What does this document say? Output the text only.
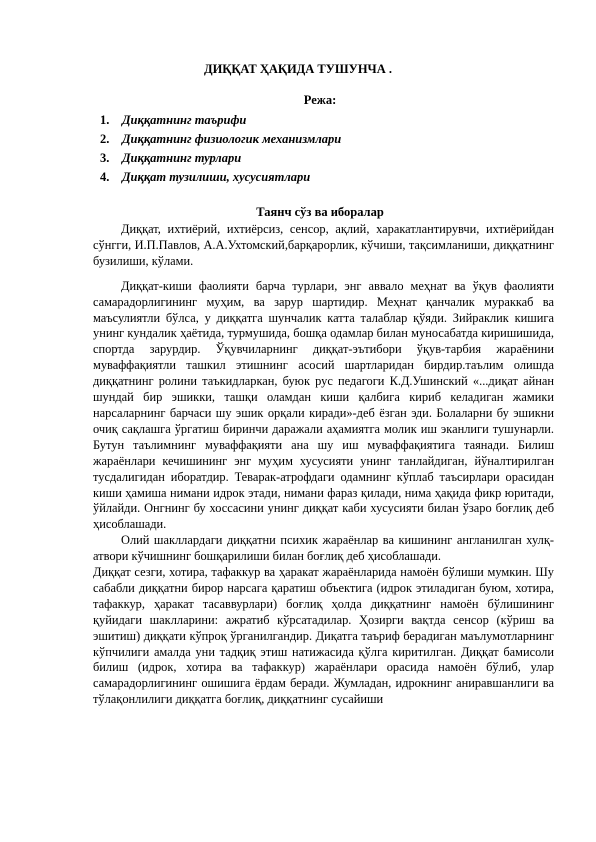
ДИҚҚАТ ҲАҚИДА ТУШУНЧА .
Режа:
1. Диққатнинг таърифи
2. Диққатнинг физиологик механизмлари
3. Диққатнинг турлари
4. Диққат тузилиши, хусусиятлари
Таянч сўз ва иборалар

Диққат, ихтиёрий, ихтиёрсиз, сенсор, ақлий, харакатлантирувчи, ихтиёрийдан сўнгги, И.П.Павлов, А.А.Ухтомский,барқарорлик, кўчиши, тақсимланиши, диққатнинг бузилиши, кўлами.

Диққат-киши фаолияти барча турлари, энг аввало меҳнат ва ўқув фаолияти самарадорлигининг муҳим, ва зарур шартидир. Меҳнат қанчалик мураккаб ва маъсулиятли бўлса, у диққатга шунчалик катта талаблар қўяди. Зийраклик кишига унинг кундалик ҳаётида, турмушида, бошқа одамлар билан муносабатда киришишида, спортда зарурдир. Ўқувчиларнинг диққат-эътибори ўқув-тарбия жараёнини муваффақиятли ташкил этишнинг асосий шартларидан бирдир.таълим олишда диққатнинг ролини таъкидларкан, буюк рус педагоги К.Д.Ушинский «...диқат айнан шундай бир эшикки, ташқи оламдан киши қалбига кириб келадиган жамики нарсаларнинг барчаси шу эшик орқали киради»-деб ёзган эди. Болаларни бу эшикни очиқ сақлашга ўргатиш биринчи даражали аҳамиятга молик иш эканлиги тушунарли. Бутун таълимнинг муваффақияти ана шу иш муваффақиятига таянади. Билиш жараёнлари кечишининг энг муҳим хусусияти унинг танлайдиган, йўналтирилган тусдалигидан иборатдир. Теварак-атрофдаги одамнинг кўплаб таъсирлари орасидан киши ҳамиша нимани идрок этади, нимани фараз қилади, нима ҳақида фикр юритади, ўйлайди. Онгнинг бу хоссасини унинг диққат каби хусусияти билан ўзаро боғлиқ деб ҳисоблашади.

Олий шакллардаги диққатни психик жараёнлар ва кишининг англанилган хулқ-атвори кўчишнинг бошқарилиши билан боғлиқ деб ҳисоблашади.

Диққат сезги, хотира, тафаккур ва ҳаракат жараёнларида намоён бўлиши мумкин. Шу сабабли диққатни бирор нарсага қаратиш объектига (идрок этиладиган буюм, хотира, тафаккур, ҳаракат тасаввурлари) боғлиқ ҳолда диққатнинг намоён бўлишининг қуйидаги шаклларини: ажратиб кўрсатадилар. Ҳозирги вақтда сенсор (кўриш ва эшитиш) диққати кўпроқ ўрганилгандир. Диқатга таъриф берадиган маълумотларнинг кўпчилиги амалда уни тадқиқ этиш натижасида қўлга киритилган. Диққат бамисоли билиш (идрок, хотира ва тафаккур) жараёнлари орасида намоён бўлиб, улар самарадорлигининг ошишига ёрдам беради. Жумладан, идрокнинг аниравшанлиги ва тўлақонлилиги диққатга боғлиқ, диққатнинг сусайиши
